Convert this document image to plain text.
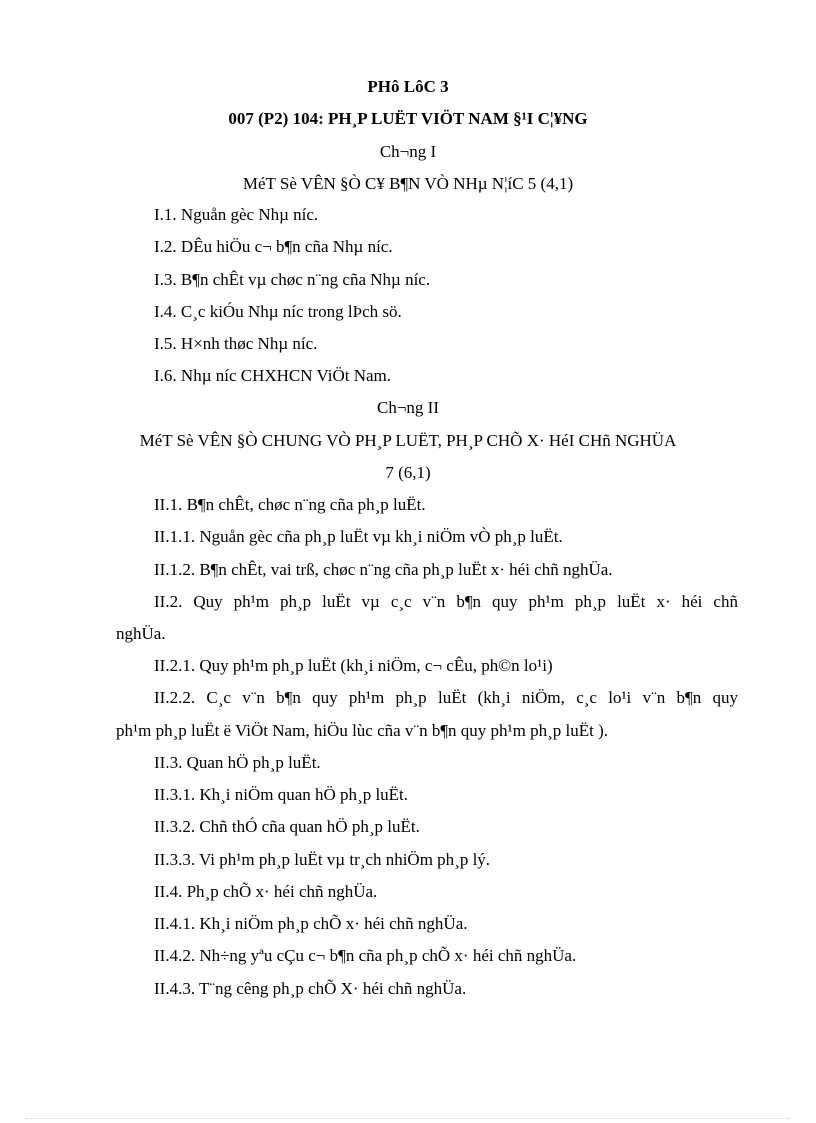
PHô LôC 3
007 (P2) 104: PH¸P LUËT VIÖT NAM §¹I C¦¥NG
Ch¬ng I
MéT Sè VÊN §Ò C¥ B¶N VÒ NHµ N¦íC 5 (4,1)
I.1. Nguån gèc Nhµ níc.
I.2. DÊu hiÖu c¬ b¶n cña Nhµ níc.
I.3. B¶n chÊt vµ chøc n¨ng cña Nhµ níc.
I.4. C¸c kiÓu Nhµ níc trong lÞch sö.
I.5. H×nh thøc Nhµ níc.
I.6. Nhµ níc CHXHCN ViÖt Nam.
Ch¬ng II
MéT Sè VÊN §Ò CHUNG VÒ PH¸P LUËT, PH¸P CHÕ X· HéI CHñ NGHÜA
7 (6,1)
II.1. B¶n chÊt, chøc n¨ng cña ph¸p luËt.
II.1.1. Nguån gèc cña ph¸p luËt vµ kh¸i niÖm vÒ ph¸p luËt.
II.1.2. B¶n chÊt, vai trß, chøc n¨ng cña ph¸p luËt x· héi chñ nghÜa.
II.2. Quy ph¹m ph¸p luËt vµ c¸c v¨n b¶n quy ph¹m ph¸p luËt x· héi chñ
nghÜa.
II.2.1. Quy ph¹m ph¸p luËt (kh¸i niÖm, c¬ cÊu, ph©n lo¹i)
II.2.2. C¸c v¨n b¶n quy ph¹m ph¸p luËt (kh¸i niÖm, c¸c lo¹i v¨n b¶n quy
ph¹m ph¸p luËt ë ViÖt Nam, hiÖu lùc cña v¨n b¶n quy ph¹m ph¸p luËt ).
II.3. Quan hÖ ph¸p luËt.
II.3.1. Kh¸i niÖm quan hÖ ph¸p luËt.
II.3.2. Chñ thÓ cña quan hÖ ph¸p luËt.
II.3.3. Vi ph¹m ph¸p luËt vµ tr¸ch nhiÖm ph¸p lý.
II.4. Ph¸p chÕ x· héi chñ nghÜa.
II.4.1. Kh¸i niÖm ph¸p chÕ x· héi chñ nghÜa.
II.4.2. Nh÷ng yªu cÇu c¬ b¶n cña ph¸p chÕ x· héi chñ nghÜa.
II.4.3. T¨ng cêng ph¸p chÕ X· héi chñ nghÜa.
